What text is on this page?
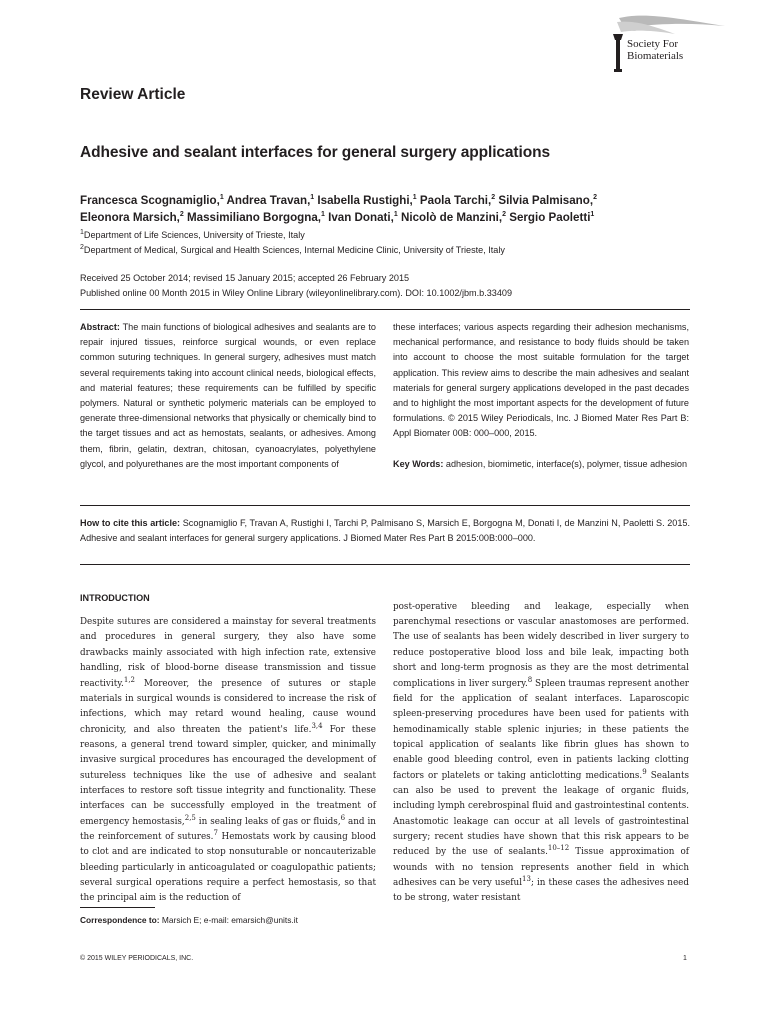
Society For
Biomaterials
Review Article
Adhesive and sealant interfaces for general surgery applications
Francesca Scognamiglio,$^1$ Andrea Travan,$^1$ Isabella Rustighi,$^1$ Paola Tarchi,$^2$ Silvia Palmisano,$^2$
Eleonora Marsich,$^2$ Massimiliano Borgogna,$^1$ Ivan Donati,$^1$ Nicolò de Manzini,$^2$ Sergio Paoletti$^1$
$^1$Department of Life Sciences, University of Trieste, Italy
$^2$Department of Medical, Surgical and Health Sciences, Internal Medicine Clinic, University of Trieste, Italy
Received 25 October 2014; revised 15 January 2015; accepted 26 February 2015
Published online 00 Month 2015 in Wiley Online Library (wileyonlinelibrary.com). DOI: 10.1002/jbm.b.33409

Abstract: The main functions of biological adhesives and sealants are to repair injured tissues, reinforce surgical wounds, or even replace common suturing techniques. In general surgery, adhesives must match several requirements taking into account clinical needs, biological effects, and material features; these requirements can be fulfilled by specific polymers. Natural or synthetic polymeric materials can be employed to generate three-dimensional networks that physically or chemically bind to the target tissues and act as hemostats, sealants, or adhesives. Among them, fibrin, gelatin, dextran, chitosan, cyanoacrylates, polyethylene glycol, and polyurethanes are the most important components of

these interfaces; various aspects regarding their adhesion mechanisms, mechanical performance, and resistance to body fluids should be taken into account to choose the most suitable formulation for the target application. This review aims to describe the main adhesives and sealant materials for general surgery applications developed in the past decades and to highlight the most important aspects for the development of future formulations. © 2015 Wiley Periodicals, Inc. J Biomed Mater Res Part B: Appl Biomater 00B: 000–000, 2015.

Key Words: adhesion, biomimetic, interface(s), polymer, tissue adhesion

How to cite this article: Scognamiglio F, Travan A, Rustighi I, Tarchi P, Palmisano S, Marsich E, Borgogna M, Donati I, de Manzini N, Paoletti S. 2015. Adhesive and sealant interfaces for general surgery applications. J Biomed Mater Res Part B 2015:00B:000–000.

INTRODUCTION

Despite sutures are considered a mainstay for several treatments and procedures in general surgery, they also have some drawbacks mainly associated with high infection rate, extensive handling, risk of blood-borne disease transmission and tissue reactivity.$^{1,2}$ Moreover, the presence of sutures or staple materials in surgical wounds is considered to increase the risk of infections, which may retard wound healing, cause wound chronicity, and also threaten the patient's life.$^{3,4}$ For these reasons, a general trend toward simpler, quicker, and minimally invasive surgical procedures has encouraged the development of sutureless techniques like the use of adhesive and sealant interfaces to restore soft tissue integrity and functionality. These interfaces can be successfully employed in the treatment of emergency hemostasis,$^{2,5}$ in sealing leaks of gas or fluids,$^6$ and in the reinforcement of sutures.$^7$ Hemostats work by causing blood to clot and are indicated to stop nonsuturable or noncauterizable bleeding particularly in anticoagulated or coagulopathic patients; several surgical operations require a perfect hemostasis, so that the principal aim is the reduction of

post-operative bleeding and leakage, especially when parenchymal resections or vascular anastomoses are performed. The use of sealants has been widely described in liver surgery to reduce postoperative blood loss and bile leak, impacting both short and long-term prognosis as they are the most detrimental complications in liver surgery.$^8$ Spleen traumas represent another field for the application of sealant interfaces. Laparoscopic spleen-preserving procedures have been used for patients with hemodinamically stable splenic injuries; in these patients the topical application of sealants like fibrin glues has shown to enable good bleeding control, even in patients lacking clotting factors or platelets or taking anticlotting medications.$^9$ Sealants can also be used to prevent the leakage of organic fluids, including lymph cerebrospinal fluid and gastrointestinal contents. Anastomotic leakage can occur at all levels of gastrointestinal surgery; recent studies have shown that this risk appears to be reduced by the use of sealants.$^{10-12}$ Tissue approximation of wounds with no tension represents another field in which adhesives can be very useful$^{13}$; in these cases the adhesives need to be strong, water resistant

Correspondence to: Marsich E; e-mail: emarsich@units.it
© 2015 WILEY PERIODICALS, INC.	1
